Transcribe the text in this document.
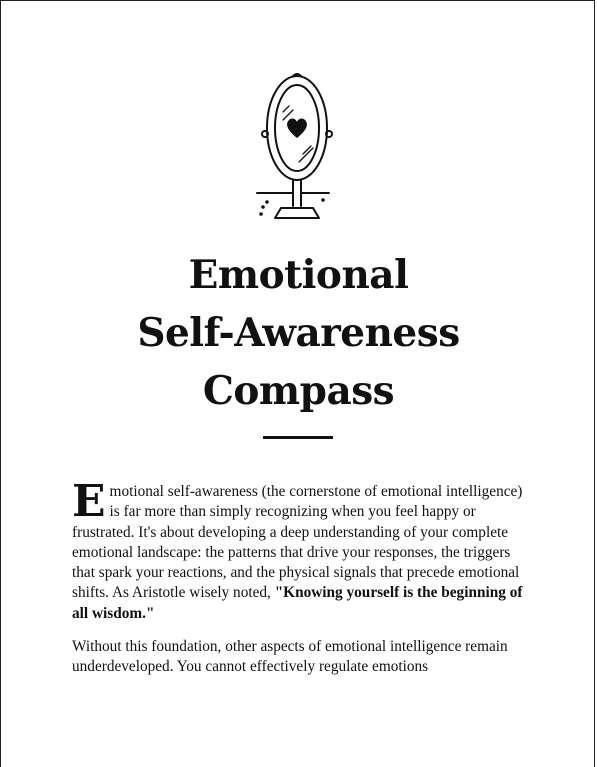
Emotional
Self-Awareness
Compass

Emotional self-awareness (the cornerstone of emotional intelligence) is far more than simply recognizing when you feel happy or frustrated. It's about developing a deep understanding of your complete emotional landscape: the patterns that drive your responses, the triggers that spark your reactions, and the physical signals that precede emotional shifts. As Aristotle wisely noted, "Knowing yourself is the beginning of all wisdom."

Without this foundation, other aspects of emotional intelligence remain underdeveloped. You cannot effectively regulate emotions
